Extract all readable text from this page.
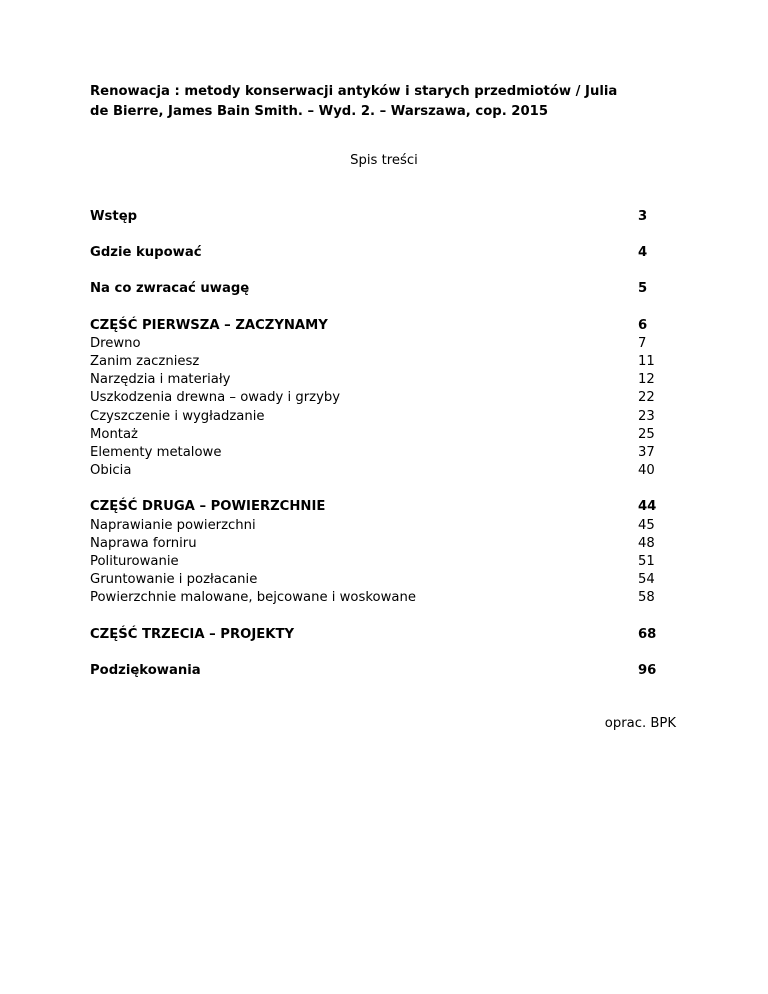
Renowacja : metody konserwacji antyków i starych przedmiotów / Julia
de Bierre, James Bain Smith. – Wyd. 2. – Warszawa, cop. 2015
Spis treści
Wstęp	3
Gdzie kupować	4
Na co zwracać uwagę	5
CZĘŚĆ PIERWSZA – ZACZYNAMY	6
Drewno	7
Zanim zaczniesz	11
Narzędzia i materiały	12
Uszkodzenia drewna – owady i grzyby	22
Czyszczenie i wygładzanie	23
Montaż	25
Elementy metalowe	37
Obicia	40
CZĘŚĆ DRUGA – POWIERZCHNIE	44
Naprawianie powierzchni	45
Naprawa forniru	48
Politurowanie	51
Gruntowanie i pozłacanie	54
Powierzchnie malowane, bejcowane i woskowane	58
CZĘŚĆ TRZECIA – PROJEKTY	68
Podziękowania	96
oprac. BPK
